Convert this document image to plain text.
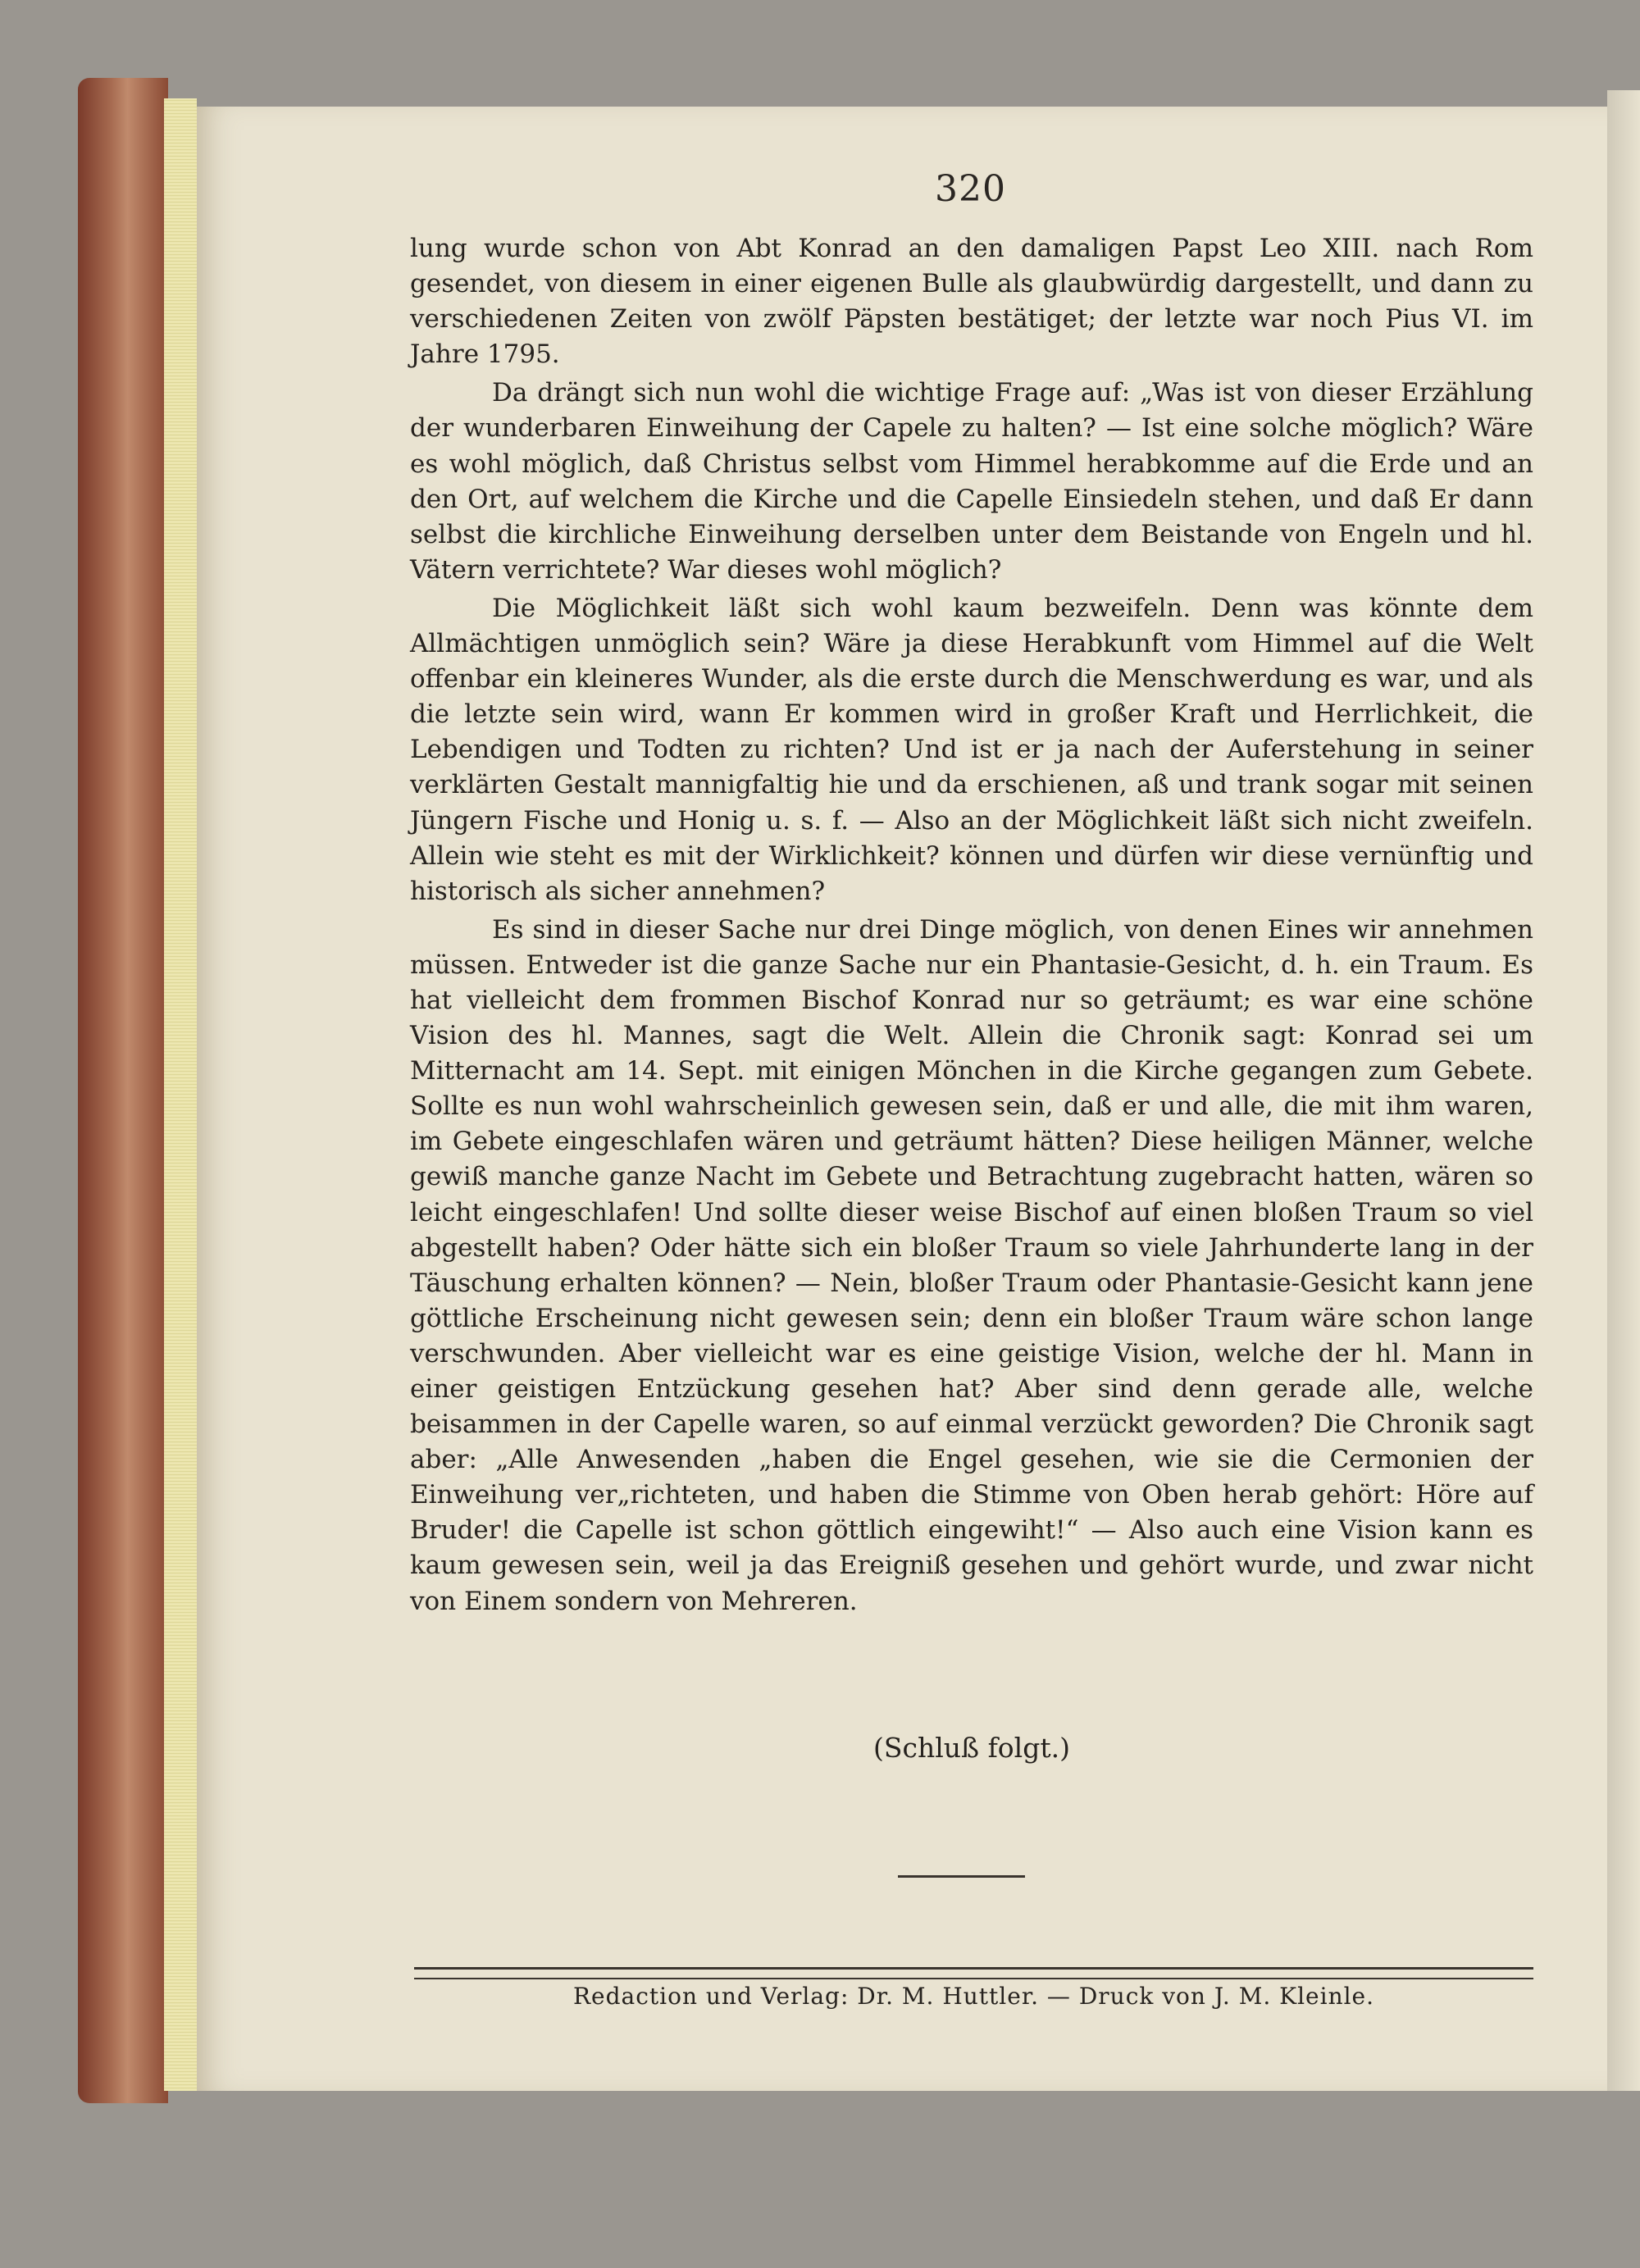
320

lung wurde schon von Abt Konrad an den damaligen Papst Leo XIII. nach Rom gesendet, von diesem in einer eigenen Bulle als glaubwürdig dargestellt, und dann zu verschiedenen Zeiten von zwölf Päpsten bestätiget; der letzte war noch Pius VI. im Jahre 1795.

Da drängt sich nun wohl die wichtige Frage auf: „Was ist von dieser Erzählung der wunderbaren Einweihung der Capele zu halten? — Ist eine solche möglich? Wäre es wohl möglich, daß Christus selbst vom Himmel herabkomme auf die Erde und an den Ort, auf welchem die Kirche und die Capelle Einsiedeln stehen, und daß Er dann selbst die kirchliche Einweihung derselben unter dem Beistande von Engeln und hl. Vätern verrichtete? War dieses wohl möglich?

Die Möglichkeit läßt sich wohl kaum bezweifeln. Denn was könnte dem Allmächtigen unmöglich sein? Wäre ja diese Herabkunft vom Himmel auf die Welt offenbar ein kleineres Wunder, als die erste durch die Menschwerdung es war, und als die letzte sein wird, wann Er kommen wird in großer Kraft und Herrlichkeit, die Lebendigen und Todten zu richten? Und ist er ja nach der Auferstehung in seiner verklärten Gestalt mannigfaltig hie und da erschienen, aß und trank sogar mit seinen Jüngern Fische und Honig u. s. f. — Also an der Möglichkeit läßt sich nicht zweifeln. Allein wie steht es mit der Wirklichkeit? können und dürfen wir diese vernünftig und historisch als sicher annehmen?

Es sind in dieser Sache nur drei Dinge möglich, von denen Eines wir annehmen müssen. Entweder ist die ganze Sache nur ein Phantasie-Gesicht, d. h. ein Traum. Es hat vielleicht dem frommen Bischof Konrad nur so geträumt; es war eine schöne Vision des hl. Mannes, sagt die Welt. Allein die Chronik sagt: Konrad sei um Mitternacht am 14. Sept. mit einigen Mönchen in die Kirche gegangen zum Gebete. Sollte es nun wohl wahrscheinlich gewesen sein, daß er und alle, die mit ihm waren, im Gebete eingeschlafen wären und geträumt hätten? Diese heiligen Männer, welche gewiß manche ganze Nacht im Gebete und Betrachtung zugebracht hatten, wären so leicht eingeschlafen! Und sollte dieser weise Bischof auf einen bloßen Traum so viel abgestellt haben? Oder hätte sich ein bloßer Traum so viele Jahrhunderte lang in der Täuschung erhalten können? — Nein, bloßer Traum oder Phantasie-Gesicht kann jene göttliche Erscheinung nicht gewesen sein; denn ein bloßer Traum wäre schon lange verschwunden. Aber vielleicht war es eine geistige Vision, welche der hl. Mann in einer geistigen Entzückung gesehen hat? Aber sind denn gerade alle, welche beisammen in der Capelle waren, so auf einmal verzückt geworden? Die Chronik sagt aber: „Alle Anwesenden „haben die Engel gesehen, wie sie die Cermonien der Einweihung ver„richteten, und haben die Stimme von Oben herab gehört: Höre auf Bruder! die Capelle ist schon göttlich eingewiht!“ — Also auch eine Vision kann es kaum gewesen sein, weil ja das Ereigniß gesehen und gehört wurde, und zwar nicht von Einem sondern von Mehreren.

(Schluß folgt.)
Redaction und Verlag: Dr. M. Huttler. — Druck von J. M. Kleinle.
